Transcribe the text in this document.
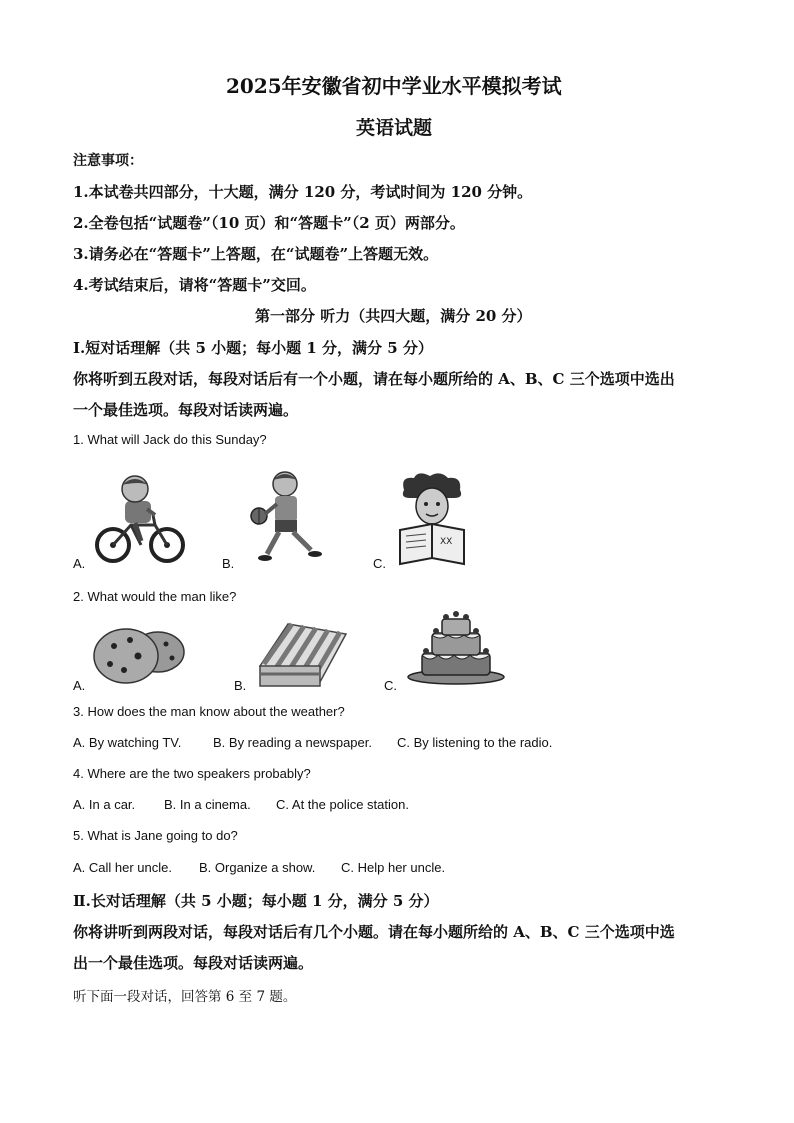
2025年安徽省初中学业水平模拟考试
英语试题
注意事项：
1.本试卷共四部分，十大题，满分 120 分，考试时间为 120 分钟。
2.全卷包括“试题卷”（10 页）和“答题卡”（2 页）两部分。
3.请务必在“答题卡”上答题，在“试题卷”上答题无效。
4.考试结束后，请将“答题卡”交回。
第一部分 听力（共四大题，满分 20 分）
Ⅰ.短对话理解（共 5 小题；每小题 1 分，满分 5 分）
你将听到五段对话，每段对话后有一个小题，请在每小题所给的 A、B、C 三个选项中选出
一个最佳选项。每段对话读两遍。
1. What will Jack do this Sunday?
A.	B.
XX
C.
2. What would the man like?
A.	B.	C.
3. How does the man know about the weather?
A. By watching TV. B. By reading a newspaper. C. By listening to the radio.
4. Where are the two speakers probably?
A. In a car. B. In a cinema. C. At the police station.
5. What is Jane going to do?
A. Call her uncle. B. Organize a show. C. Help her uncle.
Ⅱ.长对话理解（共 5 小题；每小题 1 分，满分 5 分）
你将讲听到两段对话，每段对话后有几个小题。请在每小题所给的 A、B、C 三个选项中选
出一个最佳选项。每段对话读两遍。
听下面一段对话，回答第 6 至 7 题。
